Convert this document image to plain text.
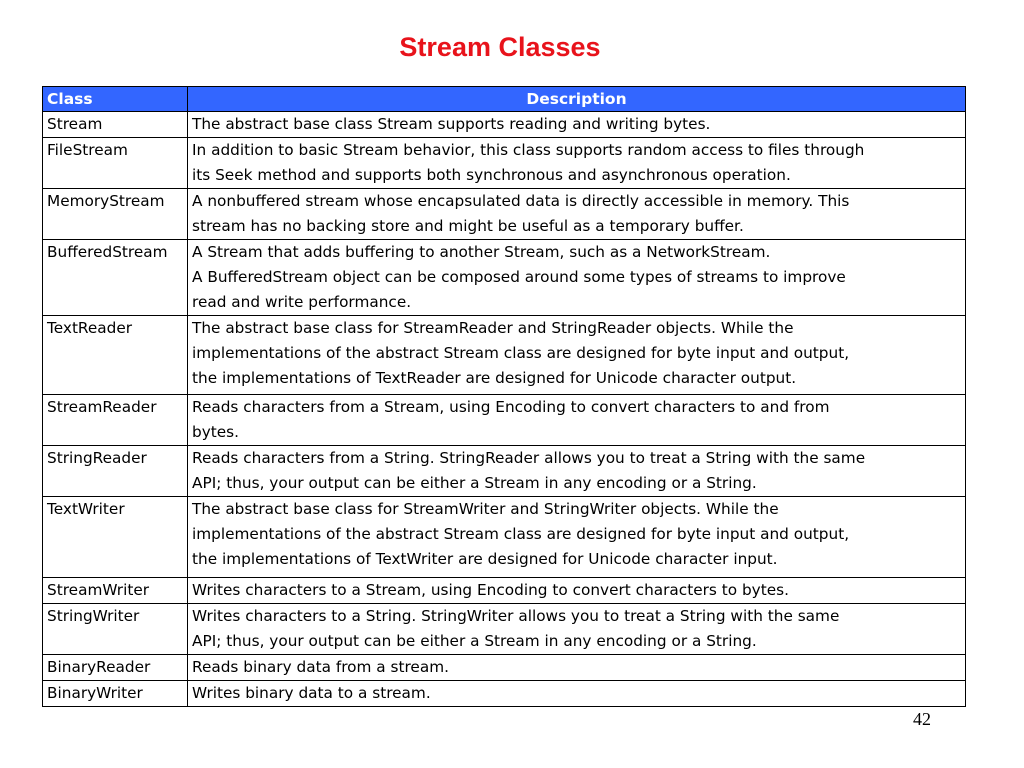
Stream Classes
Class	Description
Stream	The abstract base class Stream supports reading and writing bytes.

FileStream	In addition to basic Stream behavior, this class supports random access to files through
its Seek method and supports both synchronous and asynchronous operation.

MemoryStream	A nonbuffered stream whose encapsulated data is directly accessible in memory. This
stream has no backing store and might be useful as a temporary buffer.

BufferedStream	A Stream that adds buffering to another Stream, such as a NetworkStream.
A BufferedStream object can be composed around some types of streams to improve
read and write performance.

TextReader	The abstract base class for StreamReader and StringReader objects. While the
implementations of the abstract Stream class are designed for byte input and output,
the implementations of TextReader are designed for Unicode character output.

StreamReader	Reads characters from a Stream, using Encoding to convert characters to and from
bytes.

StringReader	Reads characters from a String. StringReader allows you to treat a String with the same
API; thus, your output can be either a Stream in any encoding or a String.

TextWriter	The abstract base class for StreamWriter and StringWriter objects. While the
implementations of the abstract Stream class are designed for byte input and output,
the implementations of TextWriter are designed for Unicode character input.

StreamWriter	Writes characters to a Stream, using Encoding to convert characters to bytes.

StringWriter	Writes characters to a String. StringWriter allows you to treat a String with the same
API; thus, your output can be either a Stream in any encoding or a String.

BinaryReader	Reads binary data from a stream.

BinaryWriter	Writes binary data to a stream.
42
